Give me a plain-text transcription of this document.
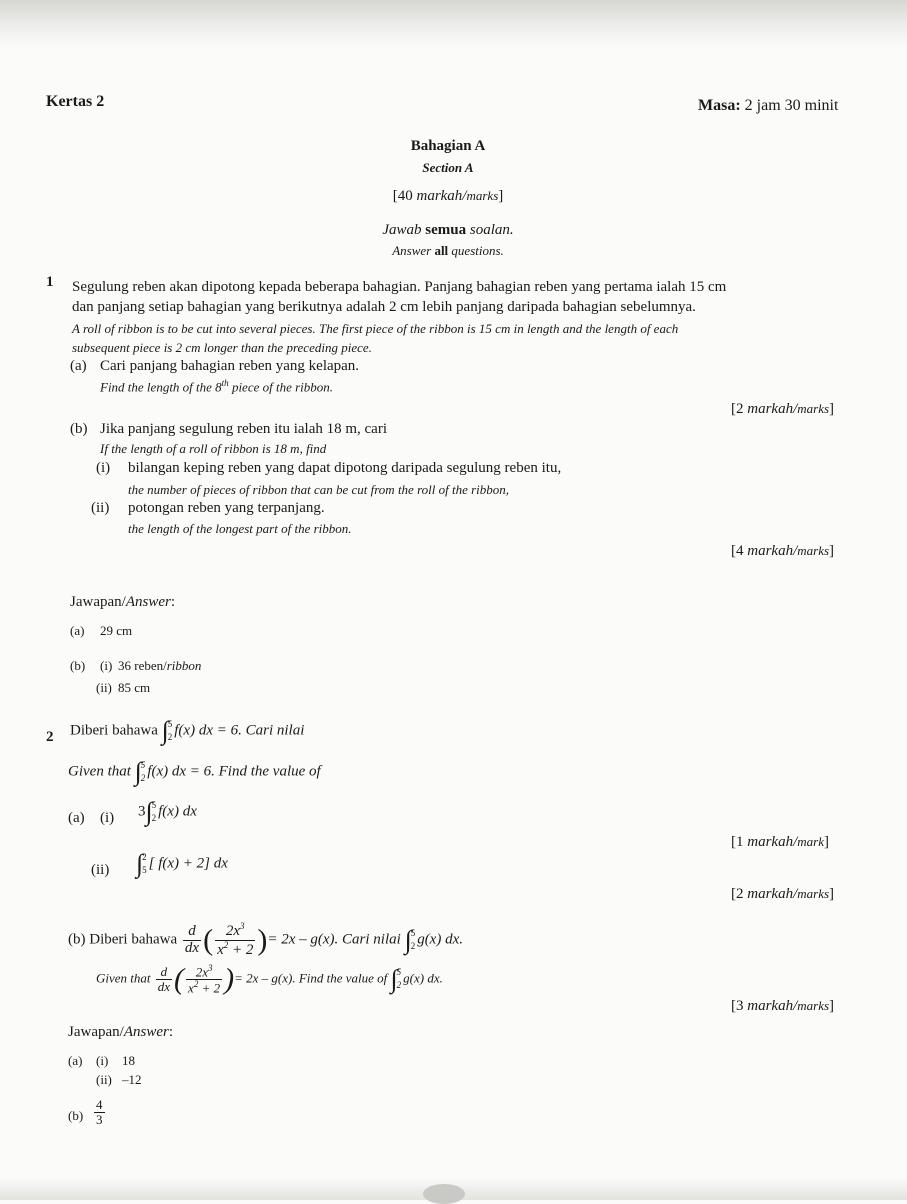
Kertas 2	Masa: 2 jam 30 minit
Bahagian A
Section A
[40 markah/marks]
Jawab semua soalan.
Answer all questions.
1 Segulung reben akan dipotong kepada beberapa bahagian. Panjang bahagian reben yang pertama ialah 15 cm
dan panjang setiap bahagian yang berikutnya adalah 2 cm lebih panjang daripada bahagian sebelumnya.
A roll of ribbon is to be cut into several pieces. The first piece of the ribbon is 15 cm in length and the length of each
subsequent piece is 2 cm longer than the preceding piece.
(a) Cari panjang bahagian reben yang kelapan.
Find the length of the 8th piece of the ribbon.
[2 markah/marks]
(b) Jika panjang segulung reben itu ialah 18 m, cari
If the length of a roll of ribbon is 18 m, find
(i) bilangan keping reben yang dapat dipotong daripada segulung reben itu,
the number of pieces of ribbon that can be cut from the roll of the ribbon,
(ii) potongan reben yang terpanjang.
the length of the longest part of the ribbon.
[4 markah/marks]
Jawapan/Answer:
(a) 29 cm
(b) (i) 36 reben/ribbon
(ii) 85 cm
2 Diberi bahawa ∫ 5
2 f(x) dx = 6. Cari nilai
Given that ∫ 5
2 f(x) dx = 6. Find the value of
(a) (i) 3∫ 5
2 f(x) dx
[1 markah/mark]
(ii) ∫ 2
5 [ f(x) + 2] dx
[2 markah/marks]
(b) Diberi bahawa $\frac{d}{dx}$ ( $\frac{2x^3}{x^2 + 2}$ )= 2x – g(x). Cari nilai ∫ 5
2 g(x) dx.
Given that $\frac{d}{dx}$ ( $\frac{2x^3}{x^2 + 2}$ )= 2x – g(x). Find the value of ∫ 5
2
g(x) dx.
[3 markah/marks]
Jawapan/Answer:
(a) (i) 18
(ii) –12
$(b) \frac{4}{3}$
